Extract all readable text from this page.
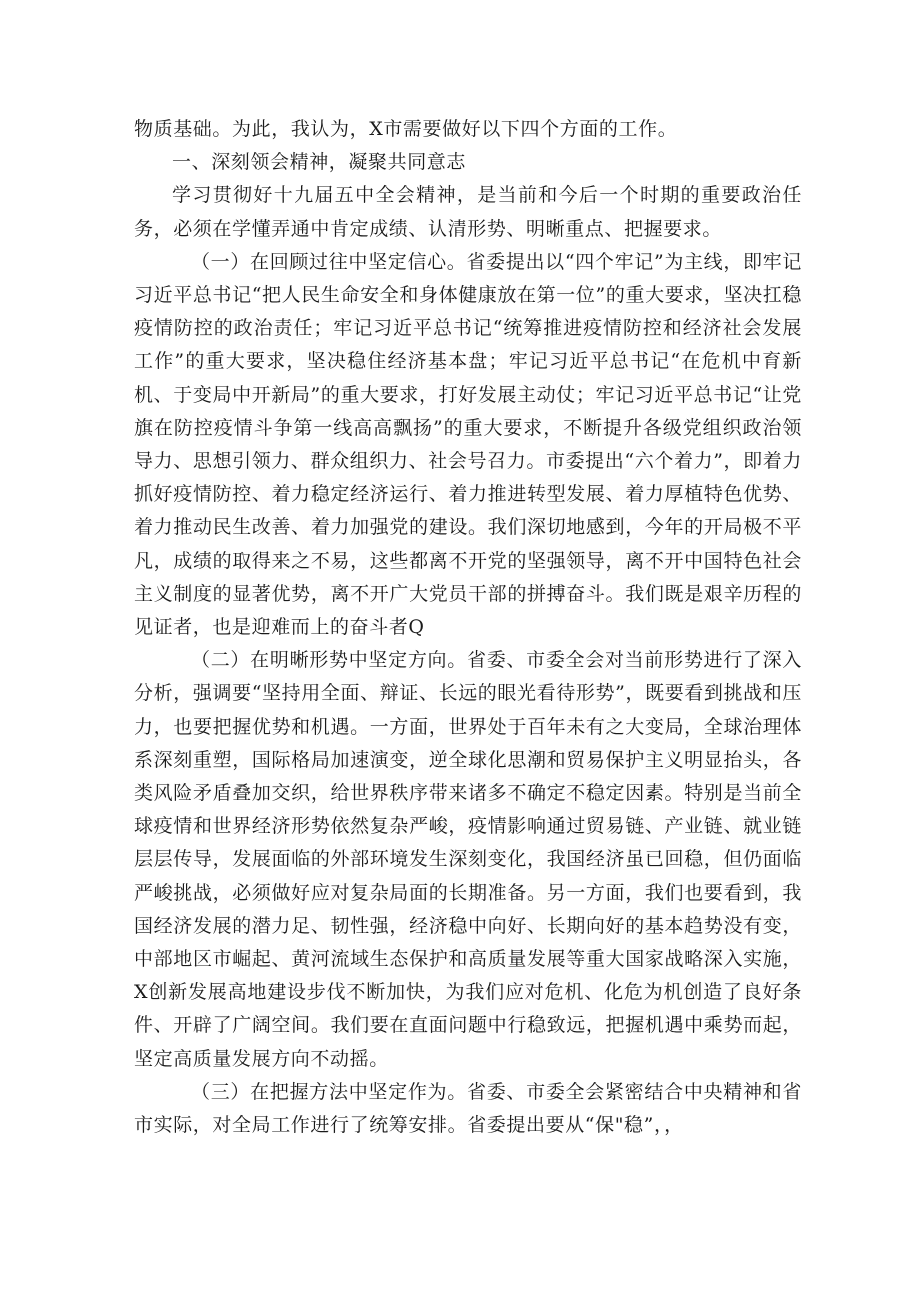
物质基础。为此，我认为，X市需要做好以下四个方面的工作。

一、深刻领会精神，凝聚共同意志

学习贯彻好十九届五中全会精神，是当前和今后一个时期的重要政治任务，必须在学懂弄通中肯定成绩、认清形势、明晰重点、把握要求。

（一）在回顾过往中坚定信心。省委提出以“四个牢记”为主线，即牢记习近平总书记“把人民生命安全和身体健康放在第一位”的重大要求，坚决扛稳疫情防控的政治责任；牢记习近平总书记“统筹推进疫情防控和经济社会发展工作”的重大要求，坚决稳住经济基本盘；牢记习近平总书记“在危机中育新机、于变局中开新局”的重大要求，打好发展主动仗；牢记习近平总书记“让党旗在防控疫情斗争第一线高高飘扬”的重大要求，不断提升各级党组织政治领导力、思想引领力、群众组织力、社会号召力。市委提出“六个着力”，即着力抓好疫情防控、着力稳定经济运行、着力推进转型发展、着力厚植特色优势、着力推动民生改善、着力加强党的建设。我们深切地感到，今年的开局极不平凡，成绩的取得来之不易，这些都离不开党的坚强领导，离不开中国特色社会主义制度的显著优势，离不开广大党员干部的拼搏奋斗。我们既是艰辛历程的见证者，也是迎难而上的奋斗者Q

（二）在明晰形势中坚定方向。省委、市委全会对当前形势进行了深入分析，强调要“坚持用全面、辩证、长远的眼光看待形势”，既要看到挑战和压力，也要把握优势和机遇。一方面，世界处于百年未有之大变局，全球治理体系深刻重塑，国际格局加速演变，逆全球化思潮和贸易保护主义明显抬头，各类风险矛盾叠加交织，给世界秩序带来诸多不确定不稳定因素。特别是当前全球疫情和世界经济形势依然复杂严峻，疫情影响通过贸易链、产业链、就业链层层传导，发展面临的外部环境发生深刻变化，我国经济虽已回稳，但仍面临严峻挑战，必须做好应对复杂局面的长期准备。另一方面，我们也要看到，我国经济发展的潜力足、韧性强，经济稳中向好、长期向好的基本趋势没有变，中部地区市崛起、黄河流域生态保护和高质量发展等重大国家战略深入实施，X创新发展高地建设步伐不断加快，为我们应对危机、化危为机创造了良好条件、开辟了广阔空间。我们要在直面问题中行稳致远，把握机遇中乘势而起，坚定高质量发展方向不动摇。

（三）在把握方法中坚定作为。省委、市委全会紧密结合中央精神和省市实际，对全局工作进行了统筹安排。省委提出要从“保"稳”，，
